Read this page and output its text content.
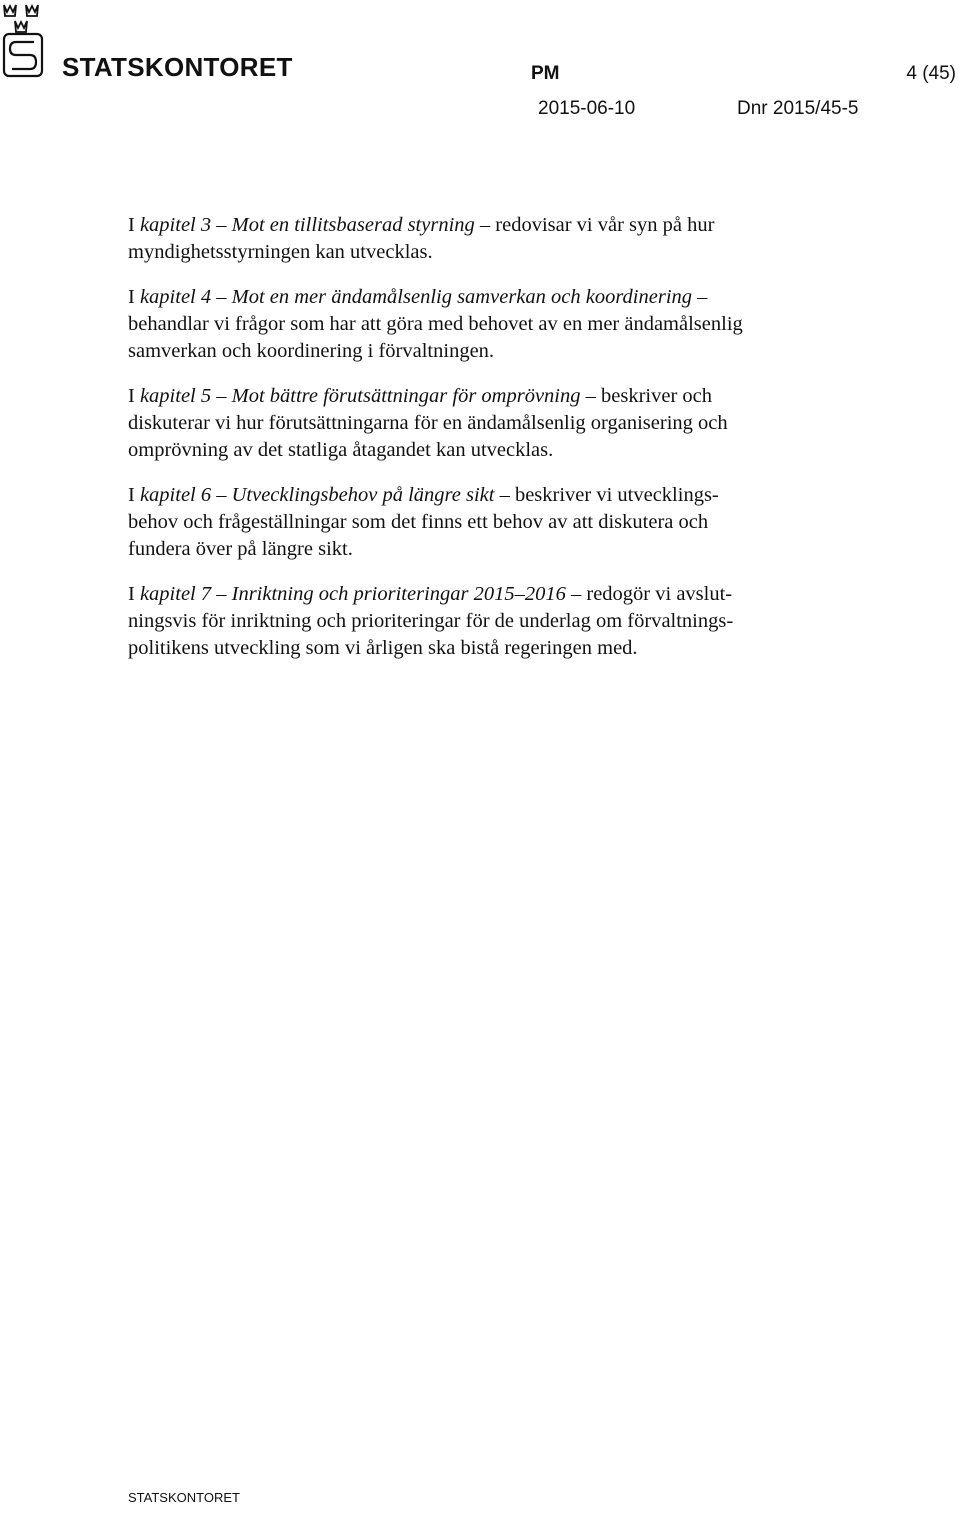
STATSKONTORET	PM	4 (45)
2015-06-10	Dnr 2015/45-5

I kapitel 3 – Mot en tillitsbaserad styrning – redovisar vi vår syn på hur
myndighetsstyrningen kan utvecklas.

I kapitel 4 – Mot en mer ändamålsenlig samverkan och koordinering –
behandlar vi frågor som har att göra med behovet av en mer ändamålsenlig
samverkan och koordinering i förvaltningen.

I kapitel 5 – Mot bättre förutsättningar för omprövning – beskriver och
diskuterar vi hur förutsättningarna för en ändamålsenlig organisering och
omprövning av det statliga åtagandet kan utvecklas.

I kapitel 6 – Utvecklingsbehov på längre sikt – beskriver vi utvecklings-
behov och frågeställningar som det finns ett behov av att diskutera och
fundera över på längre sikt.

I kapitel 7 – Inriktning och prioriteringar 2015–2016 – redogör vi avslut-
ningsvis för inriktning och prioriteringar för de underlag om förvaltnings-
politikens utveckling som vi årligen ska bistå regeringen med.

STATSKONTORET
